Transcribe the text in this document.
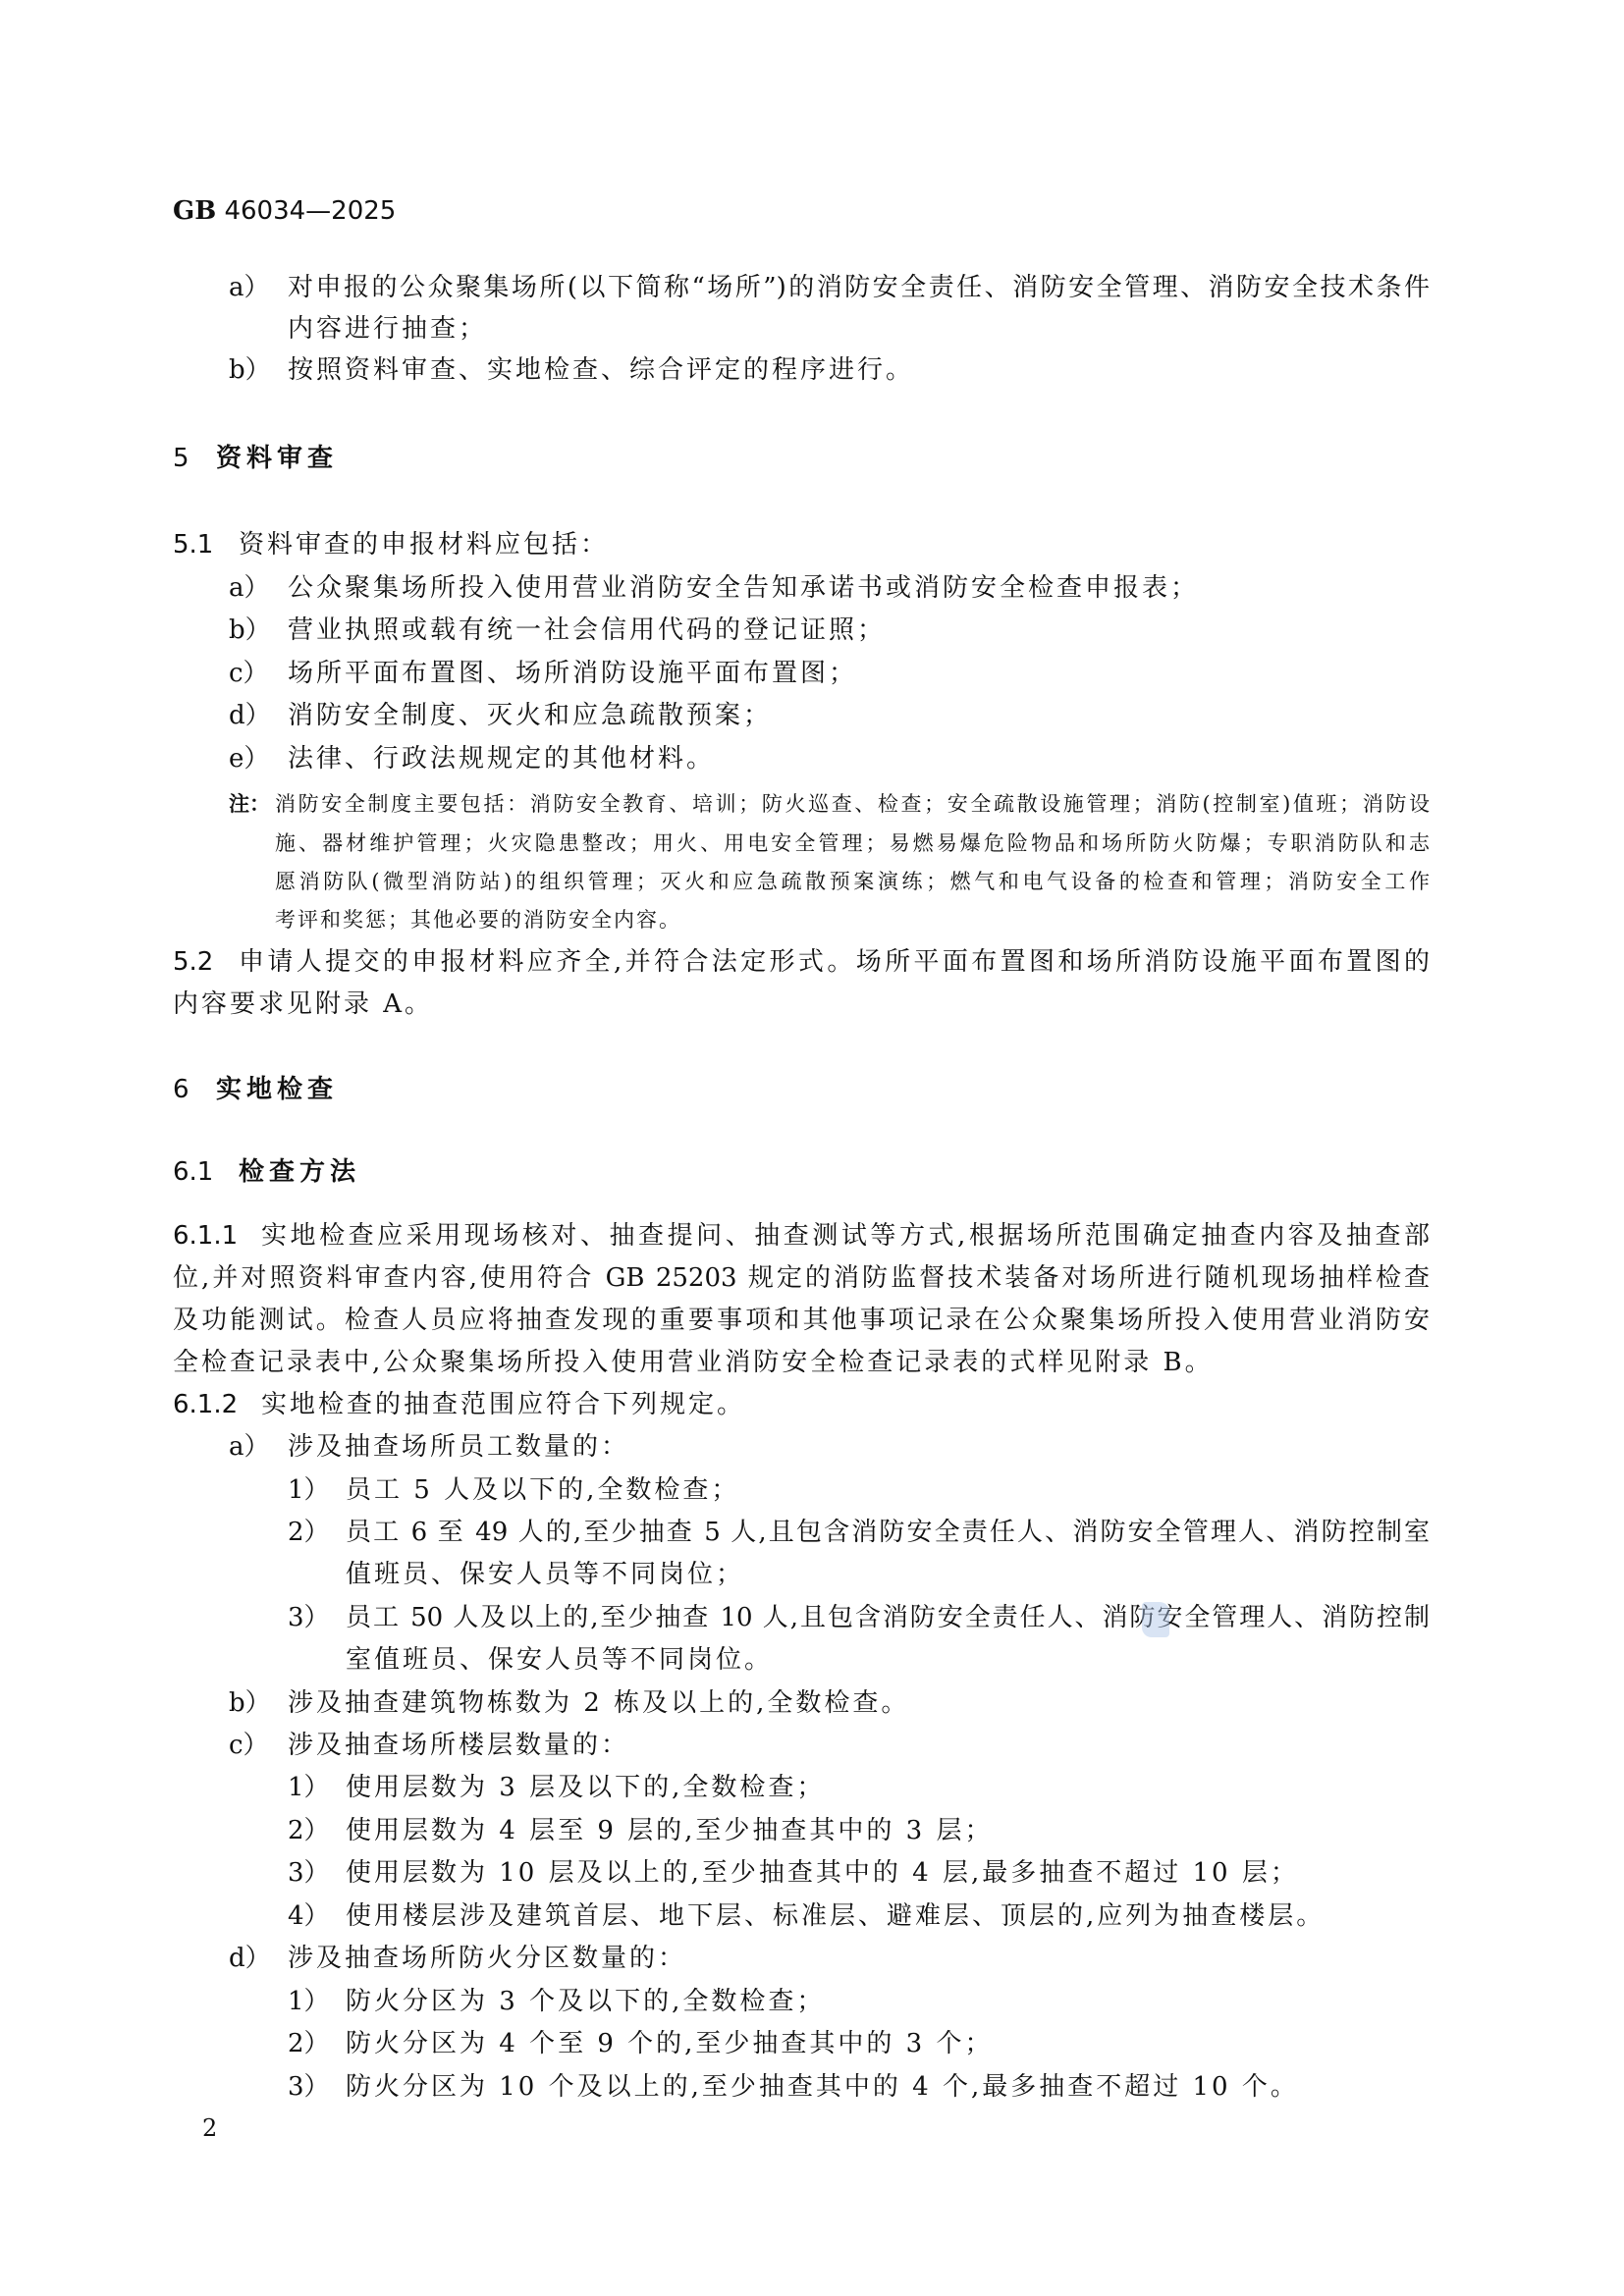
GB 46034—2025
a） 对申报的公众聚集场所(以下简称“场所”)的消防安全责任、消防安全管理、消防安全技术条件
内容进行抽查；
b） 按照资料审查、实地检查、综合评定的程序进行。
5 资料审查
5.1 资料审查的申报材料应包括：
a） 公众聚集场所投入使用营业消防安全告知承诺书或消防安全检查申报表；
b） 营业执照或载有统一社会信用代码的登记证照；
c） 场所平面布置图、场所消防设施平面布置图；
d） 消防安全制度、灭火和应急疏散预案；
e） 法律、行政法规规定的其他材料。
注： 消防安全制度主要包括：消防安全教育、培训；防火巡查、检查；安全疏散设施管理；消防(控制室)值班；消防设
施、器材维护管理；火灾隐患整改；用火、用电安全管理；易燃易爆危险物品和场所防火防爆；专职消防队和志
愿消防队(微型消防站)的组织管理；灭火和应急疏散预案演练；燃气和电气设备的检查和管理；消防安全工作
考评和奖惩；其他必要的消防安全内容。
5.2 申请人提交的申报材料应齐全,并符合法定形式。场所平面布置图和场所消防设施平面布置图的
内容要求见附录 A。
6 实地检查
6.1 检查方法
6.1.1 实地检查应采用现场核对、抽查提问、抽查测试等方式,根据场所范围确定抽查内容及抽查部
位,并对照资料审查内容,使用符合 GB 25203 规定的消防监督技术装备对场所进行随机现场抽样检查
及功能测试。检查人员应将抽查发现的重要事项和其他事项记录在公众聚集场所投入使用营业消防安
全检查记录表中,公众聚集场所投入使用营业消防安全检查记录表的式样见附录 B。
6.1.2 实地检查的抽查范围应符合下列规定。
a） 涉及抽查场所员工数量的：
1） 员工 5 人及以下的,全数检查；
2） 员工 6 至 49 人的,至少抽查 5 人,且包含消防安全责任人、消防安全管理人、消防控制室
值班员、保安人员等不同岗位；
3） 员工 50 人及以上的,至少抽查 10 人,且包含消防安全责任人、消防安全管理人、消防控制
室值班员、保安人员等不同岗位。
b） 涉及抽查建筑物栋数为 2 栋及以上的,全数检查。
c） 涉及抽查场所楼层数量的：
1） 使用层数为 3 层及以下的,全数检查；
2） 使用层数为 4 层至 9 层的,至少抽查其中的 3 层；
3） 使用层数为 10 层及以上的,至少抽查其中的 4 层,最多抽查不超过 10 层；
4） 使用楼层涉及建筑首层、地下层、标准层、避难层、顶层的,应列为抽查楼层。
d） 涉及抽查场所防火分区数量的：
1） 防火分区为 3 个及以下的,全数检查；
2） 防火分区为 4 个至 9 个的,至少抽查其中的 3 个；
3） 防火分区为 10 个及以上的,至少抽查其中的 4 个,最多抽查不超过 10 个。
2
